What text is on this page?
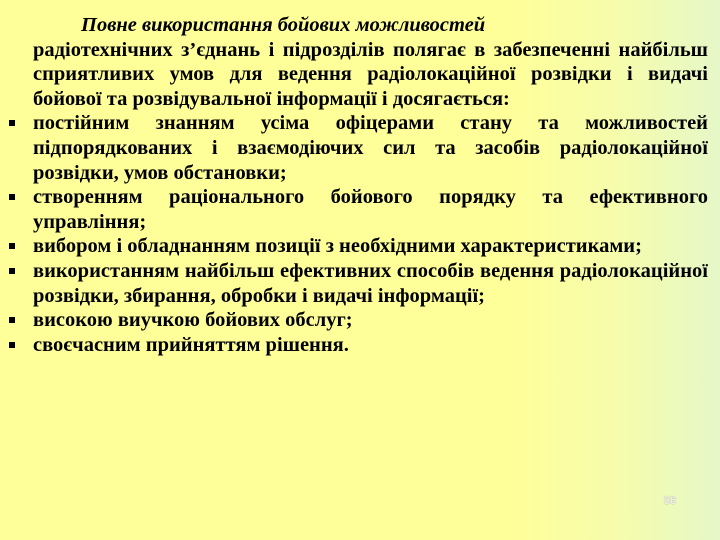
Повне використання бойових можливостей
радіотехнічних з’єднань і підрозділів полягає в забезпеченні найбільш сприятливих умов для ведення радіолокаційної розвідки і видачі бойової та розвідувальної інформації і досягається:

постійним знанням усіма офіцерами стану та можливостей підпорядкованих і взаємодіючих сил та засобів радіолокаційної розвідки, умов обстановки;

створенням раціонального бойового порядку та ефективного управління;

вибором і обладнанням позиції з необхідними характеристиками;

використанням найбільш ефективних способів ведення радіолокаційної розвідки, збирання, обробки і видачі інформації;

високою виучкою бойових обслуг;

своєчасним прийняттям рішення.

56
